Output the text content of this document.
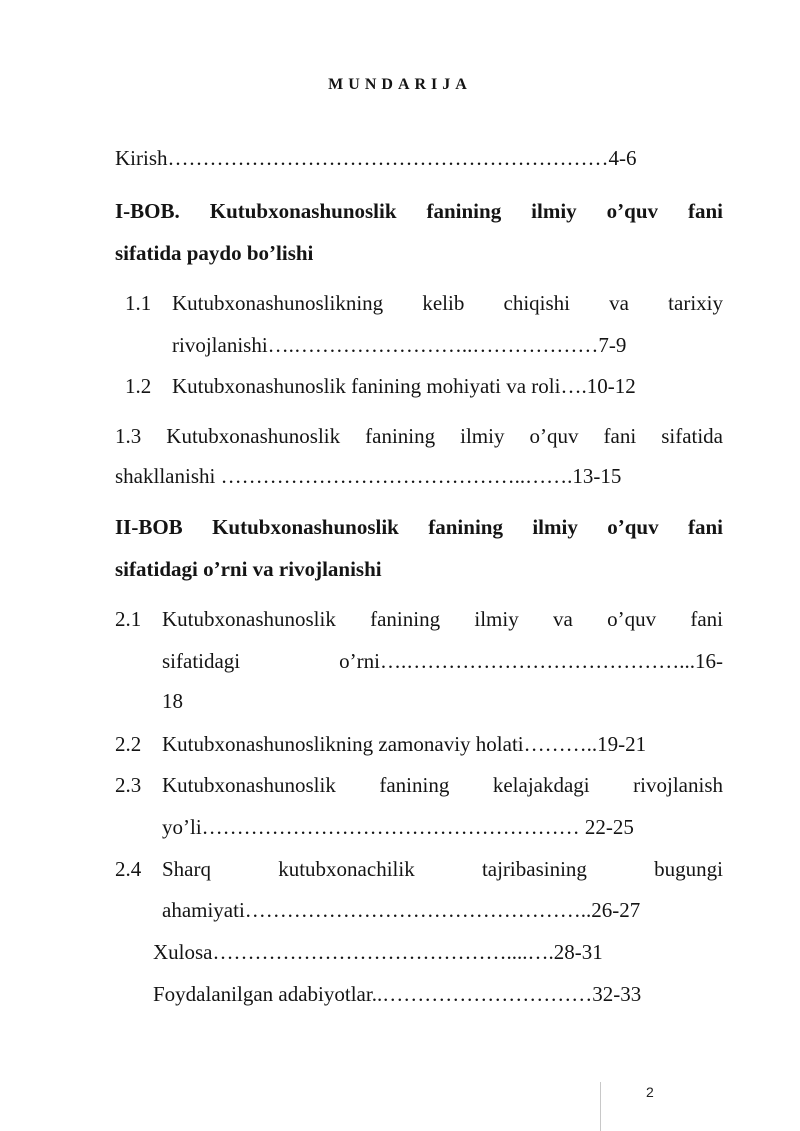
MUNDARIJA
Kirish………………………………………………………4-6
I-BOB. Kutubxonashunoslik fanining ilmiy o’quv fani
sifatida paydo bo’lishi
1.1 Kutubxonashunoslikning kelib chiqishi va tarixiy
rivojlanishi….……………………..………………7-9
1.2 Kutubxonashunoslik fanining mohiyati va roli….10-12
1.3 Kutubxonashunoslik fanining ilmiy o’quv fani sifatida
shakllanishi ……………………………………..…….13-15
II-BOB Kutubxonashunoslik fanining ilmiy o’quv fani
sifatidagi o’rni va rivojlanishi
2.1 Kutubxonashunoslik fanining ilmiy va o’quv fani
sifatidagi o’rni….…………………………………...16-
18
2.2 Kutubxonashunoslikning zamonaviy holati………..19-21
2.3 Kutubxonashunoslik fanining kelajakdagi rivojlanish
yo’li……………………………………………… 22-25
2.4 Sharq kutubxonachilik tajribasining bugungi
ahamiyati…………………………………………..26-27
Xulosa……………………………………....….28-31
Foydalanilgan adabiyotlar..…………………………32-33
2
